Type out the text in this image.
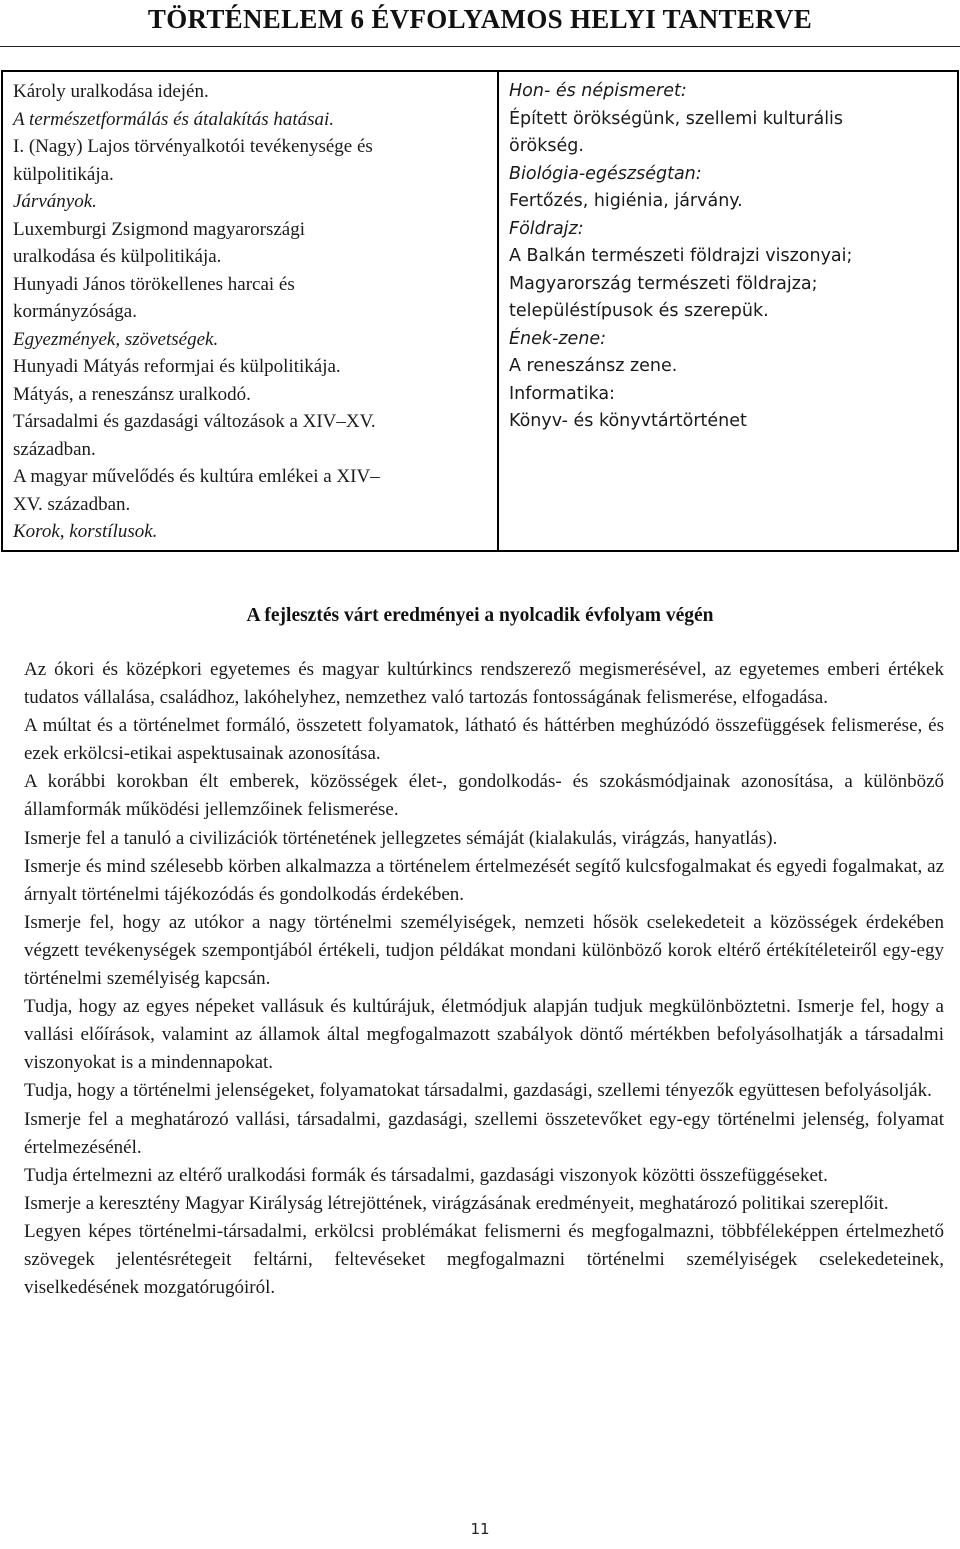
TÖRTÉNELEM 6 ÉVFOLYAMOS HELYI TANTERVE
Károly uralkodása idején.
A természetformálás és átalakítás hatásai.
I. (Nagy) Lajos törvényalkotói tevékenysége és
külpolitikája.
Járványok.
Luxemburgi Zsigmond magyarországi
uralkodása és külpolitikája.
Hunyadi János törökellenes harcai és
kormányzósága.
Egyezmények, szövetségek.
Hunyadi Mátyás reformjai és külpolitikája.
Mátyás, a reneszánsz uralkodó.
Társadalmi és gazdasági változások a XIV–XV.
században.
A magyar művelődés és kultúra emlékei a XIV–
XV. században.
Korok, korstílusok.
Hon- és népismeret:
Épített örökségünk, szellemi kulturális
örökség.
Biológia-egészségtan:
Fertőzés, higiénia, járvány.
Földrajz:
A Balkán természeti földrajzi viszonyai;
Magyarország természeti földrajza;
településtípusok és szerepük.
Ének-zene:
A reneszánsz zene.
Informatika:
Könyv- és könyvtártörténet
A fejlesztés várt eredményei a nyolcadik évfolyam végén

Az ókori és középkori egyetemes és magyar kultúrkincs rendszerező megismerésével, az egyetemes emberi értékek tudatos vállalása, családhoz, lakóhelyhez, nemzethez való tartozás fontosságának felismerése, elfogadása.

A múltat és a történelmet formáló, összetett folyamatok, látható és háttérben meghúzódó összefüggések felismerése, és ezek erkölcsi-etikai aspektusainak azonosítása.

A korábbi korokban élt emberek, közösségek élet-, gondolkodás- és szokásmódjainak azonosítása, a különböző államformák működési jellemzőinek felismerése.

Ismerje fel a tanuló a civilizációk történetének jellegzetes sémáját (kialakulás, virágzás, hanyatlás).

Ismerje és mind szélesebb körben alkalmazza a történelem értelmezését segítő kulcsfogalmakat és egyedi fogalmakat, az árnyalt történelmi tájékozódás és gondolkodás érdekében.

Ismerje fel, hogy az utókor a nagy történelmi személyiségek, nemzeti hősök cselekedeteit a közösségek érdekében végzett tevékenységek szempontjából értékeli, tudjon példákat mondani különböző korok eltérő értékítéleteiről egy-egy történelmi személyiség kapcsán.

Tudja, hogy az egyes népeket vallásuk és kultúrájuk, életmódjuk alapján tudjuk megkülönböztetni. Ismerje fel, hogy a vallási előírások, valamint az államok által megfogalmazott szabályok döntő mértékben befolyásolhatják a társadalmi viszonyokat is a mindennapokat.

Tudja, hogy a történelmi jelenségeket, folyamatokat társadalmi, gazdasági, szellemi tényezők együttesen befolyásolják.

Ismerje fel a meghatározó vallási, társadalmi, gazdasági, szellemi összetevőket egy-egy történelmi jelenség, folyamat értelmezésénél.

Tudja értelmezni az eltérő uralkodási formák és társadalmi, gazdasági viszonyok közötti összefüggéseket.

Ismerje a keresztény Magyar Királyság létrejöttének, virágzásának eredményeit, meghatározó politikai szereplőit.

Legyen képes történelmi-társadalmi, erkölcsi problémákat felismerni és megfogalmazni, többféleképpen értelmezhető szövegek jelentésrétegeit feltárni, feltevéseket megfogalmazni történelmi személyiségek cselekedeteinek, viselkedésének mozgatórugóiról.

11
